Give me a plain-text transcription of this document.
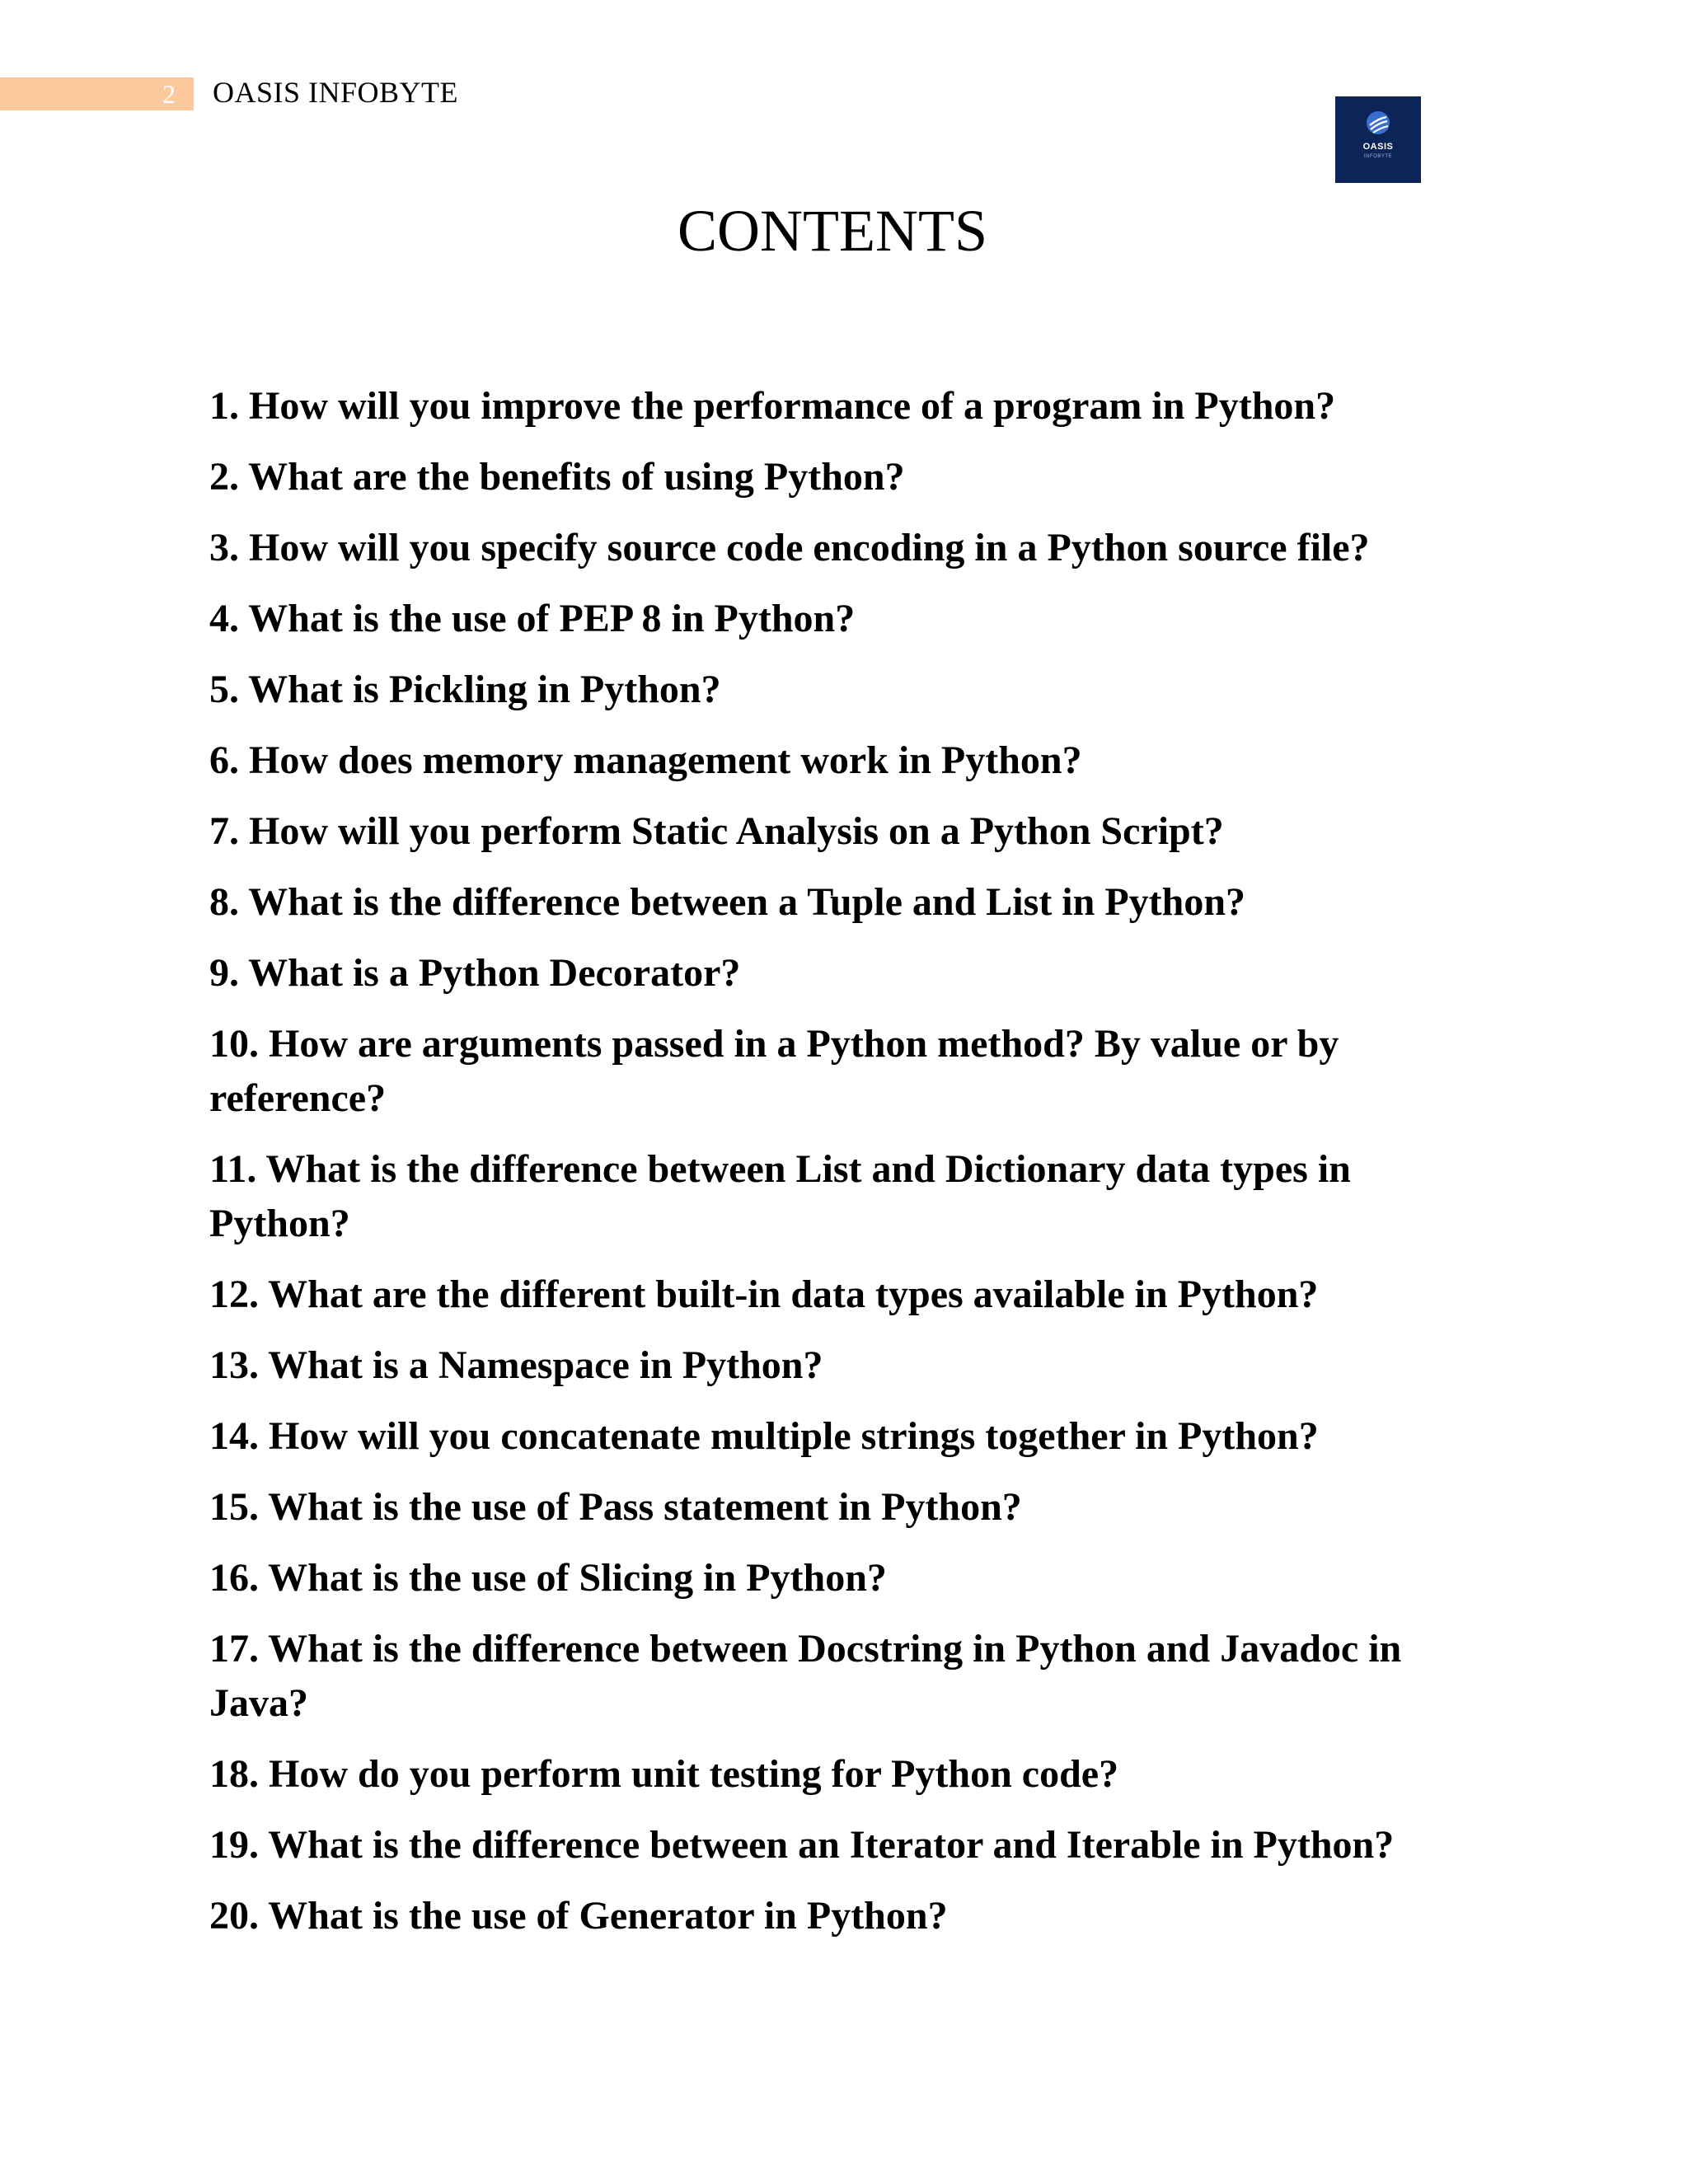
2	OASIS INFOBYTE
OASIS
INFOBYTE
CONTENTS
1. How will you improve the performance of a program in Python?
2. What are the benefits of using Python?
3. How will you specify source code encoding in a Python source file?
4. What is the use of PEP 8 in Python?
5. What is Pickling in Python?
6. How does memory management work in Python?
7. How will you perform Static Analysis on a Python Script?
8. What is the difference between a Tuple and List in Python?
9. What is a Python Decorator?
10. How are arguments passed in a Python method? By value or by reference?
11. What is the difference between List and Dictionary data types in Python?
12. What are the different built-in data types available in Python?
13. What is a Namespace in Python?
14. How will you concatenate multiple strings together in Python?
15. What is the use of Pass statement in Python?
16. What is the use of Slicing in Python?
17. What is the difference between Docstring in Python and Javadoc in Java?
18. How do you perform unit testing for Python code?
19. What is the difference between an Iterator and Iterable in Python?
20. What is the use of Generator in Python?
